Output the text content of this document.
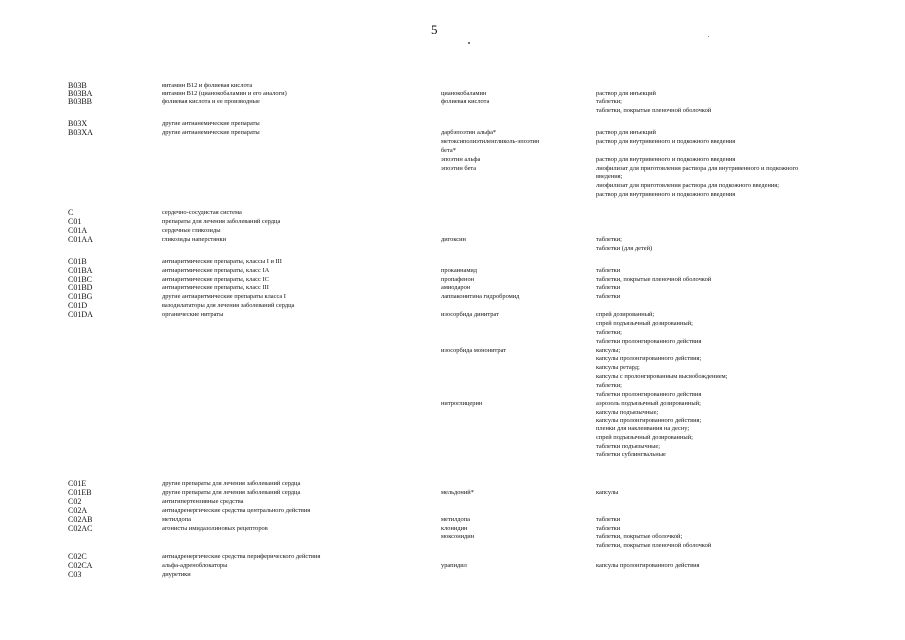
5
B03B	витамин В12 и фолиевая кислота
B03BA	витамин В12 (цианокобаламин и его аналоги)	цианокобаламин	раствор для инъекций
B03BB	фолиевая кислота и ее производные	фолиевая кислота	таблетки;
таблетки, покрытые пленочной оболочкой
B03X	другие антианемические препараты
B03XA	другие антианемические препараты	дарбэпоэтин альфа*	раствор для инъекций
метоксиполиэтиленгликоль-эпоэтин	раствор для внутривенного и подкожного введения
бета*
эпоэтин альфа	раствор для внутривенного и подкожного введения
эпоэтин бета	лиофилизат для приготовления раствора для внутривенного и подкожного
введения;
лиофилизат для приготовления раствора для подкожного введения;
раствор для внутривенного и подкожного введения
C	сердечно-сосудистая система
C01	препараты для лечения заболеваний сердца
C01A	сердечные гликозиды
C01AA	гликозиды наперстянки	дигоксин	таблетки;
таблетки (для детей)
C01B	антиаритмические препараты, классы I и III
C01BA	антиаритмические препараты, класс IA	прокаинамид	таблетки
C01BC	антиаритмические препараты, класс IC	пропафенон	таблетки, покрытые пленочной оболочкой
C01BD	антиаритмические препараты, класс III	амиодарон	таблетки
C01BG	другие антиаритмические препараты класса I	лаппаконитина гидробромид	таблетки
C01D	вазодилататоры для лечения заболеваний сердца
C01DA	органические нитраты	изосорбида динитрат	спрей дозированный;
спрей подъязычный дозированный;
таблетки;
таблетки пролонгированного действия
изосорбида мононитрат	капсулы;
капсулы пролонгированного действия;
капсулы ретард;
капсулы с пролонгированным высвобождением;
таблетки;
таблетки пролонгированного действия
нитроглицерин	аэрозоль подъязычный дозированный;
капсулы подъязычные;
капсулы пролонгированного действия;
пленки для наклеивания на десну;
спрей подъязычный дозированный;
таблетки подъязычные;
таблетки сублингвальные
C01E	другие препараты для лечения заболеваний сердца
C01EB	другие препараты для лечения заболеваний сердца	мельдоний*	капсулы
C02	антигипертензивные средства
C02A	антиадренергические средства центрального действия
C02AB	метилдопа	метилдопа	таблетки
C02AC	агонисты имидазолиновых рецепторов	клонидин	таблетки
моксонидин	таблетки, покрытые оболочкой;
таблетки, покрытые пленочной оболочкой
C02C	антиадренергические средства периферического действия
C02CA	альфа-адреноблокаторы	урапидил	капсулы пролонгированного действия
C03	диуретики
